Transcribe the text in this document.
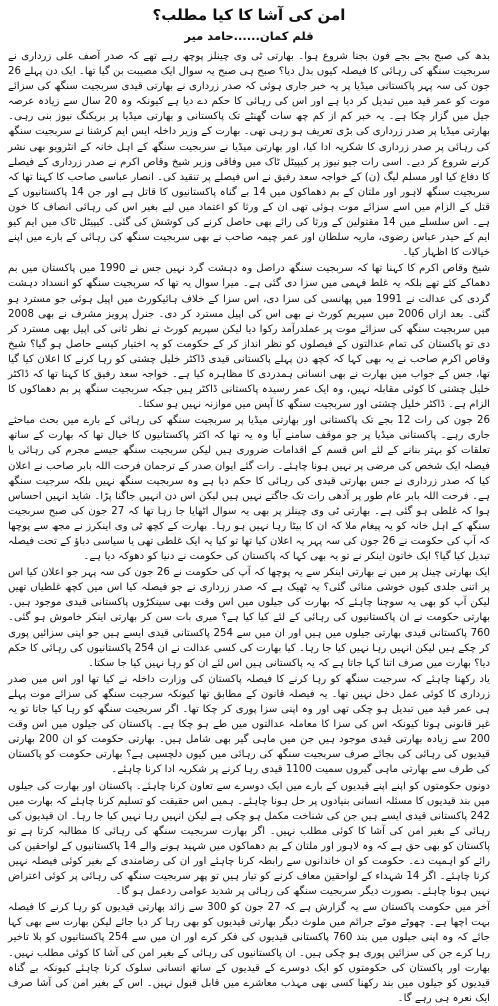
امن کی آشا کا کیا مطلب؟
قلم کمان......حامد میر
بدھ کی صبح بجے بجے فون بجنا شروع ہوا۔ بھارتی ٹی وی چینلز پوچھ رہے تھے کہ صدر آصف علی زرداری نے سربجیت سنگھ کی رہائی کا فیصلہ کیوں بدل دیا؟ صبح ہی صبح یہ سوال ایک مصیبت بن گیا تھا۔ ایک دن پہلے 26 جون کی سہ پہر پاکستانی میڈیا پر یہ خبر جاری ہوئی کہ صدر زرداری نے بھارتی قیدی سربجیت سنگھ کی سزائے موت کو عمر قید میں تبدیل کر دیا ہے اور اس کی رہائی کا حکم دے دیا ہے کیونکہ وہ 20 سال سے زیادہ عرصہ جیل میں گزار چکا ہے۔ یہ خبر کم از کم چھ سات گھنٹے تک پاکستانی و بھارتی میڈیا پر بریکنگ نیوز بنی رہی۔ بھارتی میڈیا پر صدر زرداری کی بڑی تعریف ہو رہی تھی۔ بھارت کے وزیر داخلہ ایس ایم کرشنا نے سربجیت سنگھ کی رہائی پر صدر زرداری کا شکریہ ادا کیا، اور بھارتی میڈیا نے سربجیت سنگھ کے اہل خانہ کے انٹرویو بھی نشر کرنے شروع کر دیے۔ اسی رات جیو نیوز پر کیپیٹل ٹاک میں وفاقی وزیر شیخ وقاص اکرم نے صدر زرداری کے فیصلے کا دفاع کیا اور مسلم لیگ (ن) کے خواجہ سعد رفیق نے اس فیصلے پر تنقید کی۔ انصار عباسی صاحب کا کہنا تھا کہ سربجیت سنگھ لاہور اور ملتان کے بم دھماکوں میں 14 بے گناہ پاکستانیوں کا قاتل ہے اور جن 14 پاکستانیوں کے قتل کے الزام میں اسے سزائے موت ہوئی تھی ان کے ورثا کو اعتماد میں لیے بغیر اس کی رہائی انصاف کا خون ہے۔ اس سلسلے میں 14 مقتولین کے ورثا کی رائے بھی حاصل کرنے کی کوشش کی گئی۔ کیپیٹل ٹاک میں ایم کیو ایم کے حیدر عباس رضوی، ماریہ سلطان اور عمر چیمہ صاحب نے بھی سربجیت سنگھ کی رہائی کے بارے میں اپنے خیالات کا اظہار کیا۔
شیخ وقاص اکرم کا کہنا تھا کہ سربجیت سنگھ دراصل وہ دہشت گرد نہیں جس نے 1990 میں پاکستان میں بم دھماکے کئے تھے بلکہ یہ غلط فہمی میں سزا دی گئی ہے۔ میرا سوال یہ تھا کہ سربجیت سنگھ کو انسداد دہشت گردی کی عدالت نے 1991 میں پھانسی کی سزا دی، اس سزا کے خلاف ہائیکورٹ میں اپیل ہوئی جو مسترد ہو گئی۔ بعد ازاں 2006 میں سپریم کورٹ نے بھی اس کی اپیل مسترد کر دی۔ جنرل پرویز مشرف نے بھی 2008 میں سربجیت سنگھ کی سزائے موت پر عملدرآمد رکوا دیا لیکن سپریم کورٹ نے نظر ثانی کی اپیل بھی مسترد کر دی تو پاکستان کی تمام عدالتوں کے فیصلوں کو نظر انداز کر کے حکومت کو یہ اختیار کیسے حاصل ہو گیا؟ شیخ وقاص اکرم صاحب نے یہ بھی کہا کہ کچھ دن پہلے پاکستانی قیدی ڈاکٹر خلیل چشتی کو رہا کرنے کا اعلان کیا گیا تھا، جس کے جواب میں بھارت نے بھی انسانی ہمدردی کا مظاہرہ کیا ہے۔ خواجہ سعد رفیق کا کہنا تھا کہ ڈاکٹر خلیل چشتی کا کوئی مقابلہ نہیں، وہ ایک عمر رسیدہ پاکستانی ڈاکٹر ہیں جبکہ سربجیت سنگھ پر بم دھماکوں کا الزام ہے۔ ڈاکٹر خلیل چشتی اور سربجیت سنگھ کا آپس میں موازنہ نہیں ہو سکتا۔
26 جون کی رات 12 بجے تک پاکستانی اور بھارتی میڈیا پر سربجیت سنگھ کی رہائی کے بارے میں بحث مباحثے جاری رہے۔ پاکستانی میڈیا پر جو موقف سامنے آیا وہ یہ تھا کہ اکثر پاکستانیوں کا خیال تھا کہ بھارت کے ساتھ تعلقات کو بہتر بنانے کے لئے اس قسم کے اقدامات ضروری ہیں لیکن سربجیت سنگھ جیسے مجرم کی رہائی یا فیصلہ ایک شخص کی مرضی پر نہیں ہونا چاہئے۔ رات گئے ایوان صدر کے ترجمان فرحت اللہ بابر صاحب نے اعلان کیا کہ صدر زرداری نے جس بھارتی قیدی کی رہائی کا حکم دیا ہے وہ سربجیت سنگھ نہیں بلکہ سرجیت سنگھ ہے۔ فرحت اللہ بابر عام طور پر آدھی رات تک جاگتے نہیں ہیں لیکن اس دن انہیں جاگنا پڑا۔ شاید انہیں احساس ہوا کہ غلطی ہو گئی ہے۔ بھارتی ٹی وی چینلز پر بھی یہ سوال اٹھایا جا رہا تھا کہ 27 جون کی صبح سربجیت سنگھ کے اہل خانہ کو یہ پیغام ملا کہ ان کا بیٹا رہا نہیں ہو رہا۔ بھارت کے کچھ ٹی وی اینکرز نے مجھ سے پوچھا کہ آپ کی حکومت نے 26 جون کی سہ پہر یہ اعلان کیا تھا تو کیا یہ ایک غلطی تھی یا سیاسی دباؤ کے تحت فیصلہ تبدیل کیا گیا؟ ایک خاتون اینکر نے تو یہ بھی کہا کہ پاکستان کی حکومت نے دنیا کو دھوکہ دیا ہے۔
ایک بھارتی چینل پر میں نے بھارتی اینکر سے یہ پوچھا کہ آپ کی حکومت نے 26 جون کی سہ پہر جو اعلان کیا اس پر اتنی جلدی کیوں خوشی منائی گئی؟ یہ ٹھیک ہے کہ صدر زرداری نے جو فیصلہ کیا اس میں کچھ غلطیاں تھیں لیکن آپ کو بھی یہ سوچنا چاہئے کہ بھارت کی جیلوں میں اس وقت بھی سینکڑوں پاکستانی قیدی موجود ہیں۔ بھارتی حکومت نے ان پاکستانیوں کی رہائی کے لئے کیا کیا ہے؟ میری بات سن کر بھارتی اینکر خاموش ہو گئی۔ 760 پاکستانی قیدی بھارتی جیلوں میں ہیں اور ان میں سے 254 پاکستانی قیدی ایسے ہیں جو اپنی سزائیں پوری کر چکے ہیں لیکن انہیں رہا نہیں کیا جا رہا۔ کیا بھارت کی کسی عدالت نے ان 254 پاکستانیوں کی رہائی کا حکم دیا؟ بھارت میں صرف اتنا کہا جاتا ہے کہ یہ پاکستانی ہیں اس لئے ان کو رہا نہیں کیا جا سکتا۔
یاد رکھنا چاہئے کہ سرجیت سنگھ کو رہا کرنے کا فیصلہ پاکستان کی وزارت داخلہ نے کیا تھا اور اس میں صدر زرداری کا کوئی عمل دخل نہیں تھا۔ یہ فیصلہ قانون کے مطابق تھا کیونکہ سرجیت سنگھ کی سزائے موت پہلے ہی عمر قید میں تبدیل ہو چکی تھی اور وہ اپنی سزا پوری کر چکا تھا۔ اگر سربجیت سنگھ کو رہا کیا جاتا تو یہ غیر قانونی ہوتا کیونکہ اس کی سزا کا معاملہ عدالتوں میں طے ہو چکا ہے۔ پاکستان کی جیلوں میں اس وقت 200 سے زیادہ بھارتی قیدی موجود ہیں جن میں ماہی گیر بھی شامل ہیں۔ بھارتی حکومت کو ان 200 بھارتی قیدیوں کی رہائی کی بجائے صرف سربجیت سنگھ کی رہائی میں کیوں دلچسپی ہے؟ بھارتی حکومت کو پاکستان کی طرف سے بھارتی ماہی گیروں سمیت 1100 قیدی رہا کرنے پر شکریہ ادا کرنا چاہئے۔
دونوں حکومتوں کو اپنے اپنے قیدیوں کے بارے میں ایک دوسرے سے تعاون کرنا چاہئے۔ پاکستان اور بھارت کی جیلوں میں بند قیدیوں کا مسئلہ انسانی بنیادوں پر حل ہونا چاہئے۔ ہمیں اس حقیقت کو تسلیم کرنا چاہئے کہ بھارت میں 242 پاکستانی قیدی ایسے ہیں جن کی شناخت مکمل ہو چکی ہے لیکن انہیں رہا نہیں کیا جا رہا۔ ان قیدیوں کی رہائی کے بغیر امن کی آشا کا کوئی مطلب نہیں۔ اگر بھارت سربجیت سنگھ کی رہائی کا مطالبہ کرتا ہے تو پاکستان کو بھی حق ہے کہ وہ لاہور اور ملتان کے بم دھماکوں میں شہید ہونے والے 14 پاکستانیوں کے لواحقین کی رائے کو اہمیت دے۔ حکومت کو ان خاندانوں سے رابطہ کرنا چاہئے اور ان کی رضامندی کے بغیر کوئی فیصلہ نہیں کرنا چاہئے۔ اگر 14 شہداء کے لواحقین معاف کرنے کو تیار ہیں تو پھر سربجیت سنگھ کی رہائی پر کوئی اعتراض نہیں ہونا چاہئے۔ بصورت دیگر سربجیت سنگھ کی رہائی پر شدید عوامی ردعمل ہو گا۔
آخر میں حکومت پاکستان سے یہ گزارش ہے کہ 27 جون کو 300 سے زائد بھارتی قیدیوں کو رہا کرنے کا فیصلہ بہت اچھا ہے۔ چھوٹے موٹے جرائم میں ملوث دیگر بھارتی قیدیوں کو بھی رہا کر دیا جائے لیکن بھارت سے بھی کہا جائے کہ وہ اپنی جیلوں میں بند 760 پاکستانی قیدیوں کی فکر کرے اور ان میں سے 254 پاکستانیوں کو بلا تاخیر رہا کرے جن کی سزائیں پوری ہو چکی ہیں۔ ان پاکستانیوں کی رہائی کے بغیر امن کی آشا کا کوئی مطلب نہیں۔ بھارت اور پاکستان کی حکومتوں کو ایک دوسرے کے قیدیوں کے ساتھ انسانی سلوک کرنا چاہئے کیونکہ بے گناہ قیدیوں کو جیلوں میں بند رکھنا کسی بھی مہذب معاشرے میں قابل قبول نہیں۔ اس کے بغیر امن کی آشا صرف ایک نعرہ ہی رہے گا۔
